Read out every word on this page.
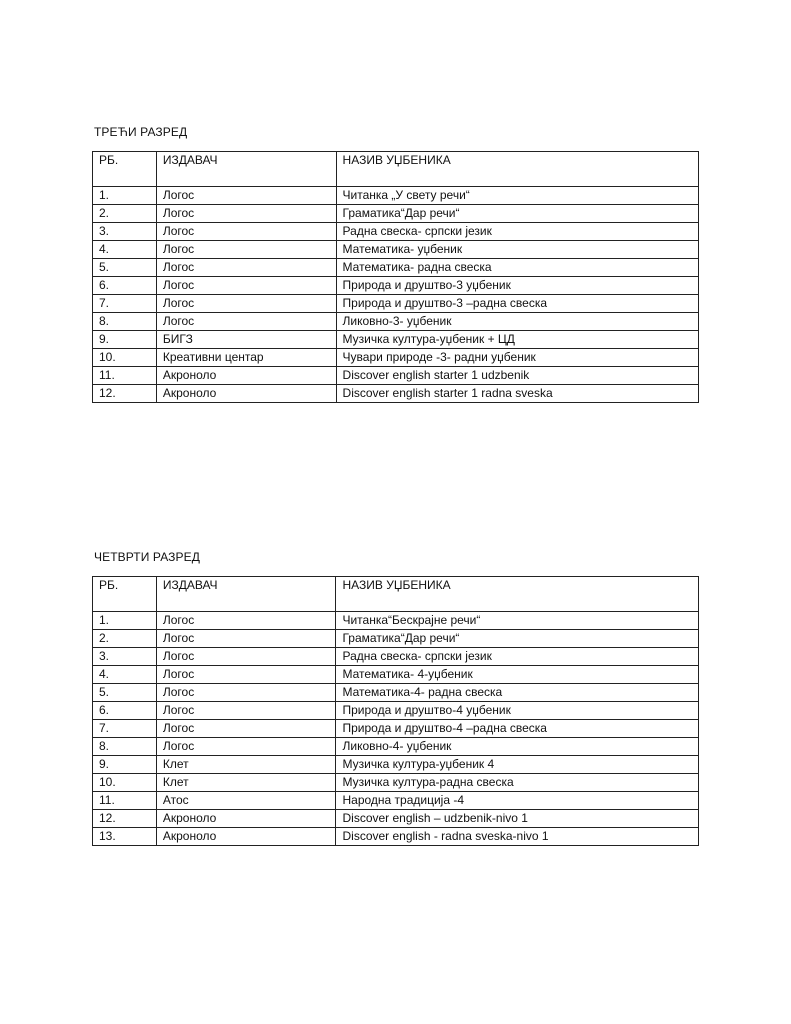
ТРЕЋИ РАЗРЕД
РБ.	ИЗДАВАЧ	НАЗИВ УЏБЕНИКА
1.	Логос	Читанка „У свету речи“
2.	Логос	Граматика“Дар речи“
3.	Логос	Радна свеска- српски језик
4.	Логос	Математика- уџбеник
5.	Логос	Математика- радна свеска
6.	Логос	Природа и друштво-3 уџбеник
7.	Логос	Природа и друштво-3 –радна свеска
8.	Логос	Ликовно-3- уџбеник
9.	БИГЗ	Музичка култура-уџбеник + ЦД
10.	Креативни центар	Чувари природе -3- радни уџбеник
11.	Акроноло	Discover english starter 1 udzbenik
12.	Акроноло	Discover english starter 1 radna sveska
ЧЕТВРТИ РАЗРЕД
РБ.	ИЗДАВАЧ	НАЗИВ УЏБЕНИКА
1.	Логос	Читанка“Бескрајне речи“
2.	Логос	Граматика“Дар речи“
3.	Логос	Радна свеска- српски језик
4.	Логос	Математика- 4-уџбеник
5.	Логос	Математика-4- радна свеска
6.	Логос	Природа и друштво-4 уџбеник
7.	Логос	Природа и друштво-4 –радна свеска
8.	Логос	Ликовно-4- уџбеник
9.	Клет	Музичка култура-уџбеник 4
10.	Клет	Музичка култура-радна свеска
11.	Атос	Народна традиција -4
12.	Акроноло	Discover english – udzbenik-nivo 1
13.	Акроноло	Discover english - radna sveska-nivo 1
